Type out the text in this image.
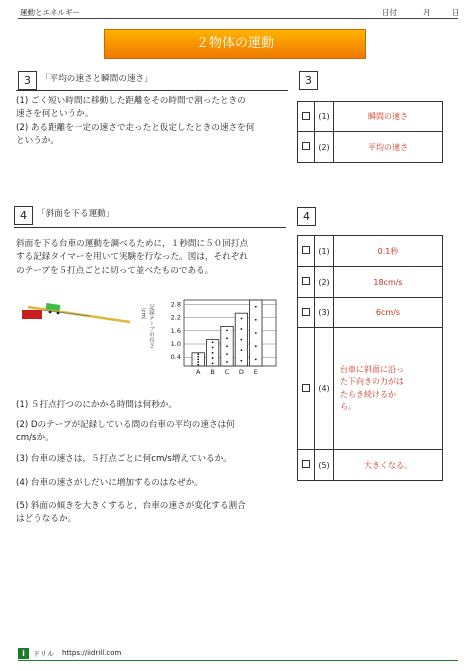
運動とエネルギー	日付	月	日
２物体の運動
3	「平均の速さと瞬間の速さ」
(1) ごく短い時間に移動した距離をその時間で割ったときの
速さを何というか。
(2) ある距離を一定の速さで走ったと仮定したときの速さを何
というか。
3
	(1)	瞬間の速さ
	(2)	平均の速さ
4	「斜面を下る運動」
斜面を下る台車の運動を調べるために，１秒間に５０回打点
する記録タイマーを用いて実験を行なった。図は，それぞれ
のテープを５打点ごとに切って並べたものである。
記録テープの長さ〔cm〕
0.4
1.0
1.6
2.2
2.8
A B C D E
(1) ５打点打つのにかかる時間は何秒か。
(2) Dのテープが記録している間の台車の平均の速さは何
cm/sか。
(3) 台車の速さは，５打点ごとに何cm/s増えているか。
(4) 台車の速さがしだいに増加するのはなぜか。
(5) 斜面の傾きを大きくすると，台車の速さが変化する割合
はどうなるか。
4
	(1)	0.1秒
	(2)	18cm/s
	(3)	6cm/s
	(4)	台車に斜面に沿っ
た下向きの力がは
たらき続けるか
ら。

	(5)	大きくなる。
i	ドリル https://iidrill.com
